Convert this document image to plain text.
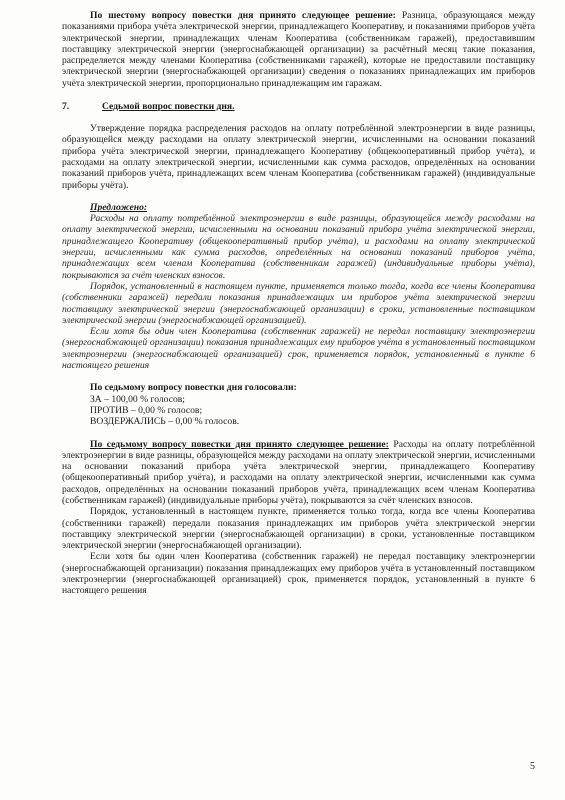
По шестому вопросу повестки дня принято следующее решение: Разница, образующаяся между показаниями прибора учёта электрической энергии, принадлежащего Кооперативу, и показаниями приборов учёта электрической энергии, принадлежащих членам Кооператива (собственникам гаражей), предоставившим поставщику электрической энергии (энергоснабжающей организации) за расчётный месяц такие показания, распределяется между членами Кооператива (собственниками гаражей), которые не предоставили поставщику электрической энергии (энергоснабжающей организации) сведения о показаниях принадлежащих им приборов учёта электрической энергии, пропорционально принадлежащим им гаражам.

7.	Седьмой вопрос повестки дня.

Утверждение порядка распределения расходов на оплату потреблённой электроэнергии в виде разницы, образующейся между расходами на оплату электрической энергии, исчисленными на основании показаний прибора учёта электрической энергии, принадлежащего Кооперативу (общекооперативный прибор учёта), и расходами на оплату электрической энергии, исчисленными как сумма расходов, определённых на основании показаний приборов учёта, принадлежащих всем членам Кооператива (собственникам гаражей) (индивидуальные приборы учёта).

Предложено:

Расходы на оплату потреблённой электроэнергии в виде разницы, образующейся между расходами на оплату электрической энергии, исчисленными на основании показаний прибора учёта электрической энергии, принадлежащего Кооперативу (общекооперативный прибор учёта), и расходами на оплату электрической энергии, исчисленными как сумма расходов, определённых на основании показаний приборов учёта, принадлежащих всем членам Кооператива (собственникам гаражей) (индивидуальные приборы учёта), покрываются за счёт членских взносов.

Порядок, установленный в настоящем пункте, применяется только тогда, когда все члены Кооператива (собственники гаражей) передали показания принадлежащих им приборов учёта электрической энергии поставщику электрической энергии (энергоснабжающей организации) в сроки, установленные поставщиком электрической энергии (энергоснабжающей организацией).

Если хотя бы один член Кооператива (собственник гаражей) не передал поставщику электроэнергии (энергоснабжающей организации) показания принадлежащих ему приборов учёта в установленный поставщиком электроэнергии (энергоснабжающей организацией) срок, применяется порядок, установленный в пункте 6 настоящего решения

По седьмому вопросу повестки дня голосовали:

ЗА – 100,00 % голосов;

ПРОТИВ – 0,00 % голосов;

ВОЗДЕРЖАЛИСЬ – 0,00 % голосов.

По седьмому вопросу повестки дня принято следующее решение: Расходы на оплату потреблённой электроэнергии в виде разницы, образующейся между расходами на оплату электрической энергии, исчисленными на основании показаний прибора учёта электрической энергии, принадлежащего Кооперативу (общекооперативный прибор учёта), и расходами на оплату электрической энергии, исчисленными как сумма расходов, определённых на основании показаний приборов учёта, принадлежащих всем членам Кооператива (собственникам гаражей) (индивидуальные приборы учёта), покрываются за счёт членских взносов.

Порядок, установленный в настоящем пункте, применяется только тогда, когда все члены Кооператива (собственники гаражей) передали показания принадлежащих им приборов учёта электрической энергии поставщику электрической энергии (энергоснабжающей организации) в сроки, установленные поставщиком электрической энергии (энергоснабжающей организации).

Если хотя бы один член Кооператива (собственник гаражей) не передал поставщику электроэнергии (энергоснабжающей организации) показания принадлежащих ему приборов учёта в установленный поставщиком электроэнергии (энергоснабжающей организацией) срок, применяется порядок, установленный в пункте 6 настоящего решения

5
